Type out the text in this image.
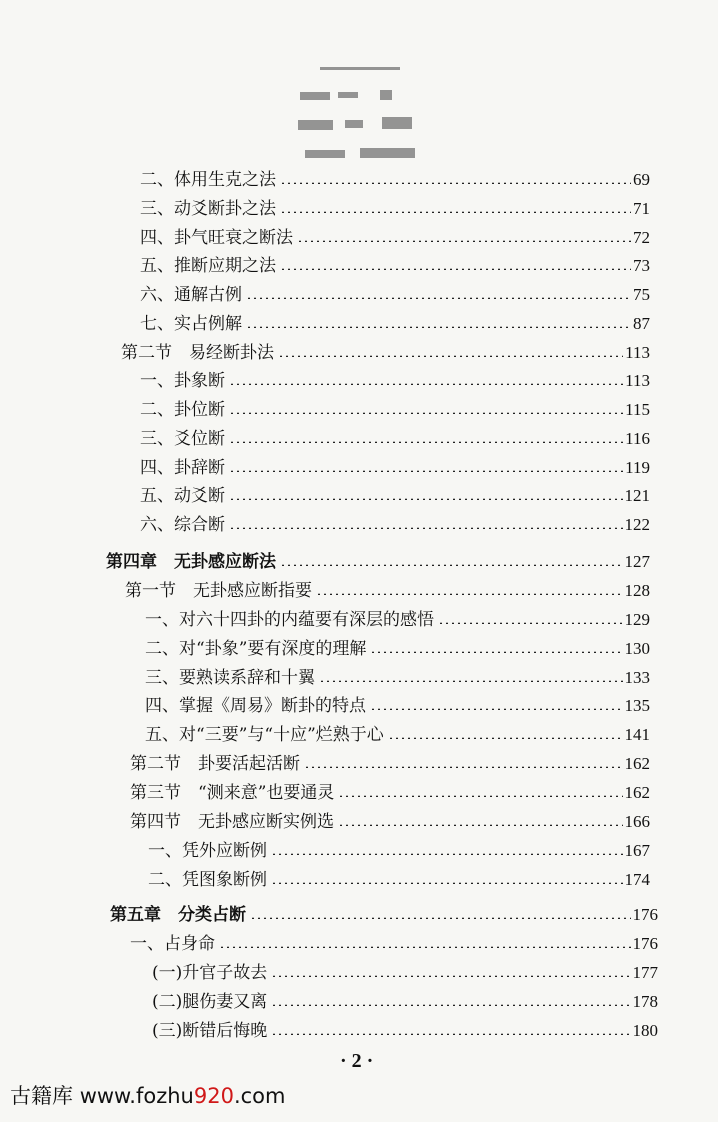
二、体用生克之法	69
三、动爻断卦之法	71
四、卦气旺衰之断法	72
五、推断应期之法	73
六、通解古例	75
七、实占例解	87
第二节　易经断卦法	113
一、卦象断	113
二、卦位断	115
三、爻位断	116
四、卦辞断	119
五、动爻断	121
六、综合断	122
第四章　无卦感应断法	127
第一节　无卦感应断指要	128
一、对六十四卦的内蕴要有深层的感悟	129
二、对“卦象”要有深度的理解	130
三、要熟读系辞和十翼	133
四、掌握《周易》断卦的特点	135
五、对“三要”与“十应”烂熟于心	141
第二节　卦要活起活断	162
第三节　“测来意”也要通灵	162
第四节　无卦感应断实例选	166
一、凭外应断例	167
二、凭图象断例	174
第五章　分类占断	176
一、占身命	176
(一)升官子故去	177
(二)腿伤妻又离	178
(三)断错后悔晚	180
· 2 ·
古籍库 www.fozhu920.com
